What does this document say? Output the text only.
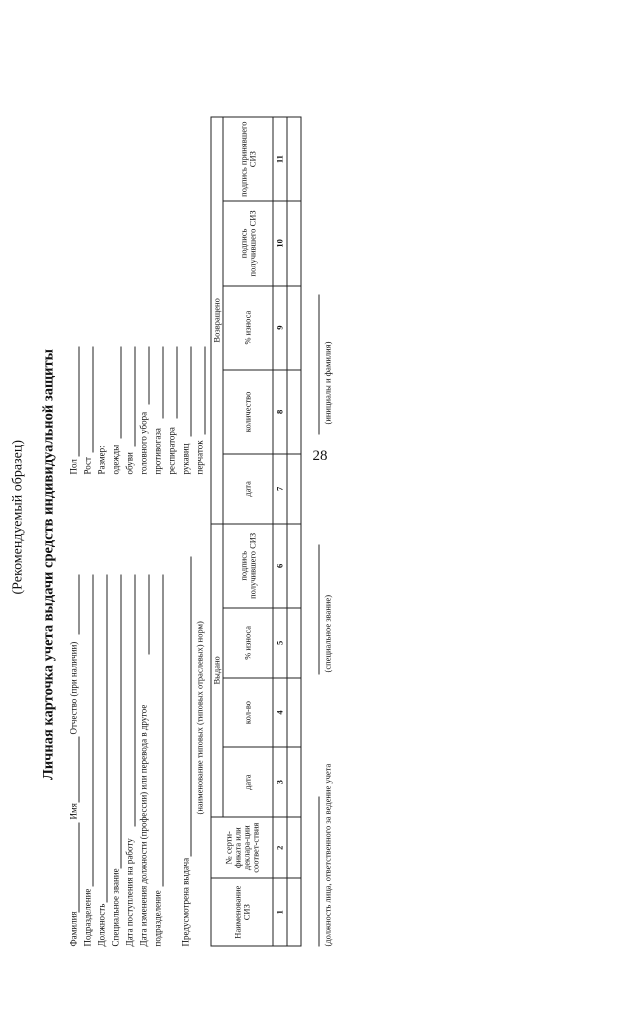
28
(Рекомендуемый образец) Личная карточка учета выдачи средств индивидуальной защиты
Фамилия
Имя
Отчество (при наличии)
Подразделение Должность Специальное звание Дата поступления на работу Дата изменения должности (профессии) или перевода в другое подразделение Предусмотрена выдача
(наименование типовых (типовых отраслевых) норм)
Пол Рост Размер: одежды обуви головного убора противогаза респиратора рукавиц перчаток
Наименование СИЗ	№ серти-фиката или деклара-ции соответ-ствия	Выдано				Возвращено				
		дата	кол-во	% износа	подпись получившего СИЗ	дата	количество	% износа	подпись получившего СИЗ	подпись принявшего СИЗ
1	2	3	4	5	6	7	8	9	10	11

(должность лица, ответственного за ведение учета
(специальное звание)
(инициалы и фамилия)
